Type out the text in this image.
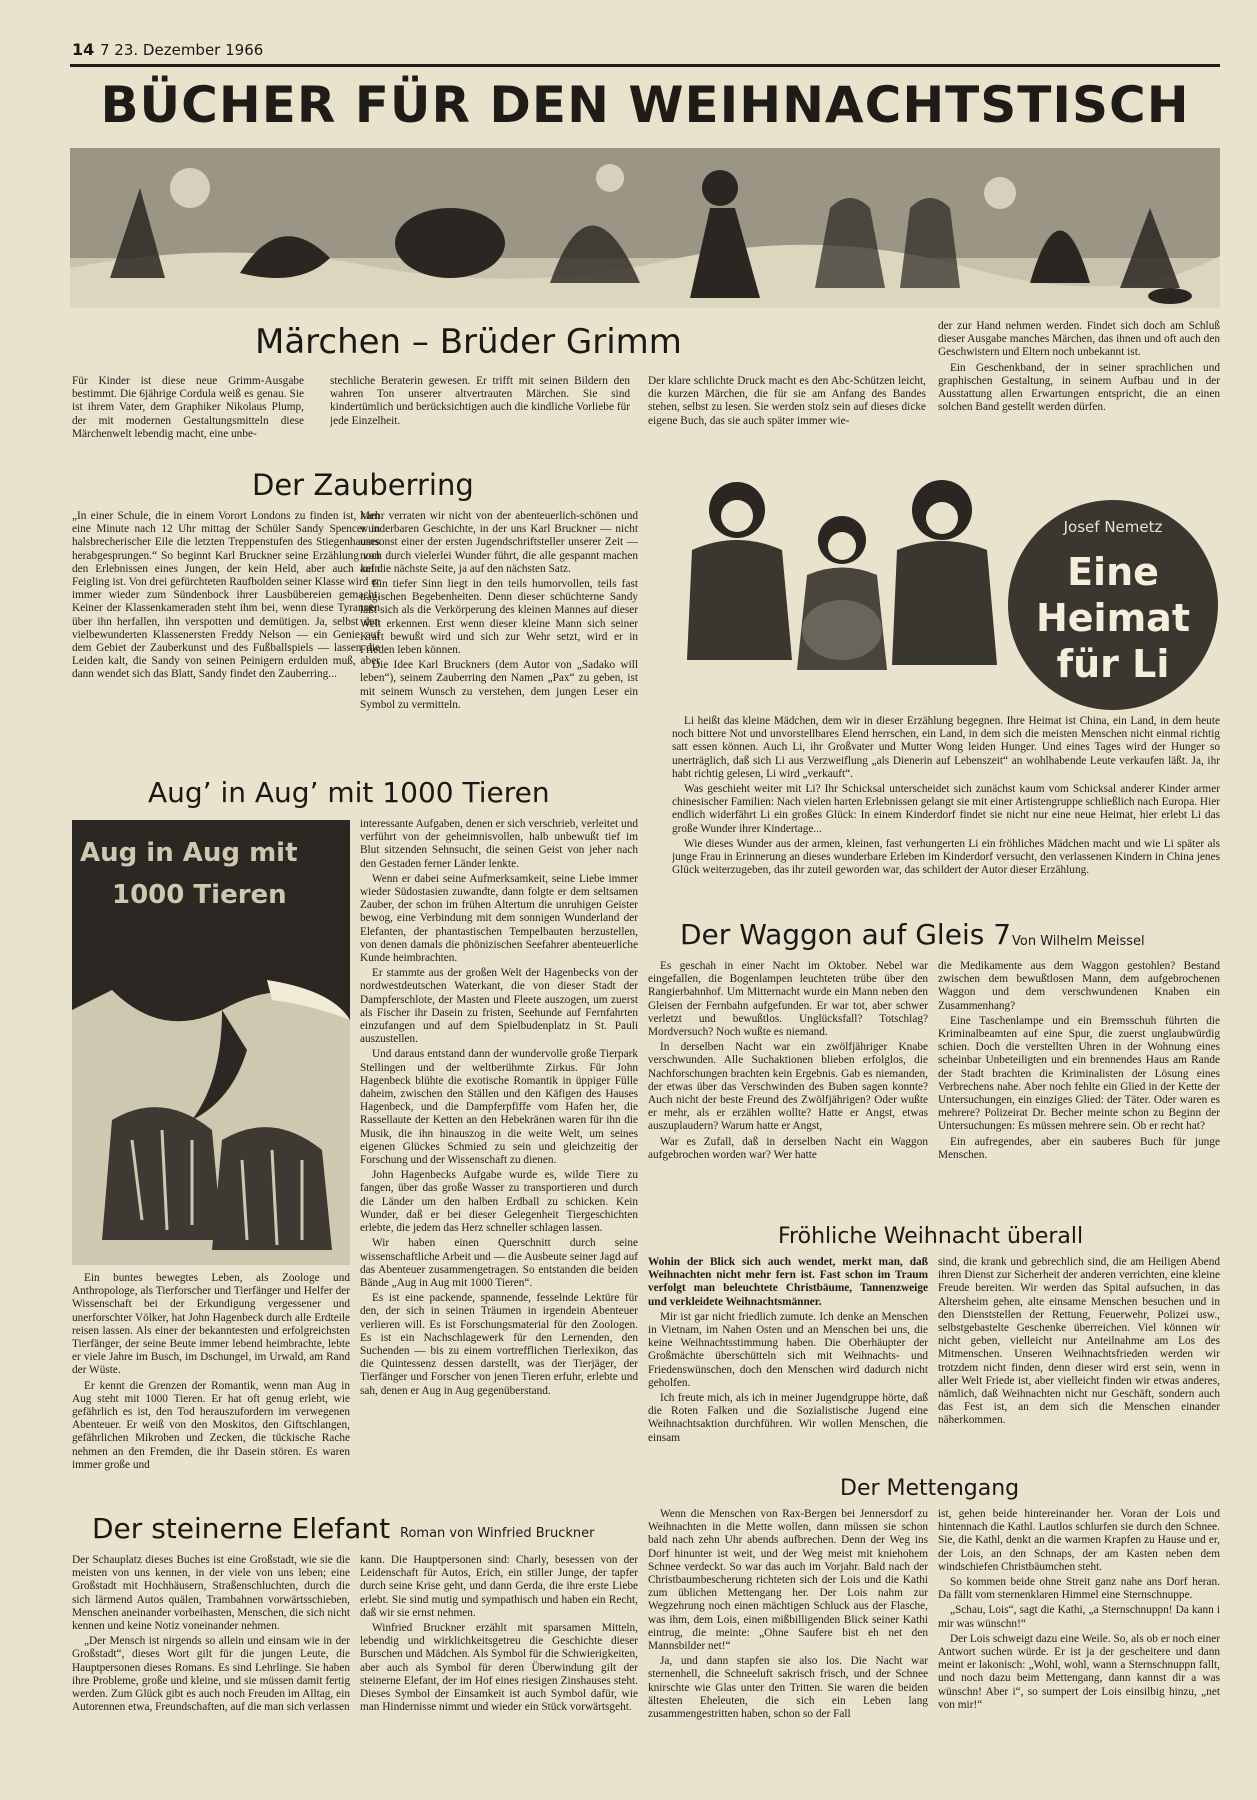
14 7 23. Dezember 1966
BÜCHER FÜR DEN WEIHNACHTSTISCH
Märchen – Brüder Grimm

Für Kinder ist diese neue Grimm-Ausgabe bestimmt. Die 6jährige Cordula weiß es genau. Sie ist ihrem Vater, dem Graphiker Nikolaus Plump, der mit modernen Gestaltungsmitteln diese Märchenwelt lebendig macht, eine unbe-

stechliche Beraterin gewesen. Er trifft mit seinen Bildern den wahren Ton unserer altvertrauten Märchen. Sie sind kindertümlich und berücksichtigen auch die kindliche Vorliebe für jede Einzelheit.

Der klare schlichte Druck macht es den Abc-Schützen leicht, die kurzen Märchen, die für sie am Anfang des Bandes stehen, selbst zu lesen. Sie werden stolz sein auf dieses dicke eigene Buch, das sie auch später immer wie-

der zur Hand nehmen werden. Findet sich doch am Schluß dieser Ausgabe manches Märchen, das ihnen und oft auch den Geschwistern und Eltern noch unbekannt ist.

Ein Geschenkband, der in seiner sprachlichen und graphischen Gestaltung, in seinem Aufbau und in der Ausstattung allen Erwartungen entspricht, die an einen solchen Band gestellt werden dürfen.

Der Zauberring

„In einer Schule, die in einem Vorort Londons zu finden ist, kam eine Minute nach 12 Uhr mittag der Schüler Sandy Spencer in halsbrecherischer Eile die letzten Treppenstufen des Stiegenhauses herabgesprungen.“ So beginnt Karl Bruckner seine Erzählung von den Erlebnissen eines Jungen, der kein Held, aber auch kein Feigling ist. Von drei gefürchteten Raufbolden seiner Klasse wird er immer wieder zum Sündenbock ihrer Lausbübereien gemacht. Keiner der Klassenkameraden steht ihm bei, wenn diese Tyrannen über ihn herfallen, ihn verspotten und demütigen. Ja, selbst den vielbewunderten Klassenersten Freddy Nelson — ein Genie auf dem Gebiet der Zauberkunst und des Fußballspiels — lassen die Leiden kalt, die Sandy von seinen Peinigern erdulden muß, aber dann wendet sich das Blatt, Sandy findet den Zauberring...

Mehr verraten wir nicht von der abenteuerlich-schönen und wunderbaren Geschichte, in der uns Karl Bruckner — nicht umsonst einer der ersten Jugendschriftsteller unserer Zeit — noch durch vielerlei Wunder führt, die alle gespannt machen auf die nächste Seite, ja auf den nächsten Satz.

Ein tiefer Sinn liegt in den teils humorvollen, teils fast tragischen Begebenheiten. Denn dieser schüchterne Sandy läßt sich als die Verkörperung des kleinen Mannes auf dieser Welt erkennen. Erst wenn dieser kleine Mann sich seiner Kraft bewußt wird und sich zur Wehr setzt, wird er in Frieden leben können.

Die Idee Karl Bruckners (dem Autor von „Sadako will leben“), seinem Zauberring den Namen „Pax“ zu geben, ist mit seinem Wunsch zu verstehen, dem jungen Leser ein Symbol zu vermitteln.

Josef Nemetz
Eine
Heimat
für Li

Li heißt das kleine Mädchen, dem wir in dieser Erzählung begegnen. Ihre Heimat ist China, ein Land, in dem heute noch bittere Not und unvorstellbares Elend herrschen, ein Land, in dem sich die meisten Menschen nicht einmal richtig satt essen können. Auch Li, ihr Großvater und Mutter Wong leiden Hunger. Und eines Tages wird der Hunger so unerträglich, daß sich Li aus Verzweiflung „als Dienerin auf Lebenszeit“ an wohlhabende Leute verkaufen läßt. Ja, ihr habt richtig gelesen, Li wird „verkauft“.

Was geschieht weiter mit Li? Ihr Schicksal unterscheidet sich zunächst kaum vom Schicksal anderer Kinder armer chinesischer Familien: Nach vielen harten Erlebnissen gelangt sie mit einer Artistengruppe schließlich nach Europa. Hier endlich widerfährt Li ein großes Glück: In einem Kinderdorf findet sie nicht nur eine neue Heimat, hier erlebt Li das große Wunder ihrer Kindertage...

Wie dieses Wunder aus der armen, kleinen, fast verhungerten Li ein fröhliches Mädchen macht und wie Li später als junge Frau in Erinnerung an dieses wunderbare Erleben im Kinderdorf versucht, den verlassenen Kindern in China jenes Glück weiterzugeben, das ihr zuteil geworden war, das schildert der Autor dieser Erzählung.

Aug’ in Aug’ mit 1000 Tieren
Aug in Aug mit
1000 Tieren

Ein buntes bewegtes Leben, als Zoologe und Anthropologe, als Tierforscher und Tierfänger und Helfer der Wissenschaft bei der Erkundigung vergessener und unerforschter Völker, hat John Hagenbeck durch alle Erdteile reisen lassen. Als einer der bekanntesten und erfolgreichsten Tierfänger, der seine Beute immer lebend heimbrachte, lebte er viele Jahre im Busch, im Dschungel, im Urwald, am Rand der Wüste.

Er kennt die Grenzen der Romantik, wenn man Aug in Aug steht mit 1000 Tieren. Er hat oft genug erlebt, wie gefährlich es ist, den Tod herauszufordern im verwegenen Abenteuer. Er weiß von den Moskitos, den Giftschlangen, gefährlichen Mikroben und Zecken, die tückische Rache nehmen an den Fremden, die ihr Dasein stören. Es waren immer große und

interessante Aufgaben, denen er sich verschrieb, verleitet und verführt von der geheimnisvollen, halb unbewußt tief im Blut sitzenden Sehnsucht, die seinen Geist von jeher nach den Gestaden ferner Länder lenkte.

Wenn er dabei seine Aufmerksamkeit, seine Liebe immer wieder Südostasien zuwandte, dann folgte er dem seltsamen Zauber, der schon im frühen Altertum die unruhigen Geister bewog, eine Verbindung mit dem sonnigen Wunderland der Elefanten, der phantastischen Tempelbauten herzustellen, von denen damals die phönizischen Seefahrer abenteuerliche Kunde heimbrachten.

Er stammte aus der großen Welt der Hagenbecks von der nordwestdeutschen Waterkant, die von dieser Stadt der Dampferschlote, der Masten und Fleete auszogen, um zuerst als Fischer ihr Dasein zu fristen, Seehunde auf Fernfahrten einzufangen und auf dem Spielbudenplatz in St. Pauli auszustellen.

Und daraus entstand dann der wundervolle große Tierpark Stellingen und der weltberühmte Zirkus. Für John Hagenbeck blühte die exotische Romantik in üppiger Fülle daheim, zwischen den Ställen und den Käfigen des Hauses Hagenbeck, und die Dampferpfiffe vom Hafen her, die Rassellaute der Ketten an den Hebekränen waren für ihn die Musik, die ihn hinauszog in die weite Welt, um seines eigenen Glückes Schmied zu sein und gleichzeitig der Forschung und der Wissenschaft zu dienen.

John Hagenbecks Aufgabe wurde es, wilde Tiere zu fangen, über das große Wasser zu transportieren und durch die Länder um den halben Erdball zu schicken. Kein Wunder, daß er bei dieser Gelegenheit Tiergeschichten erlebte, die jedem das Herz schneller schlagen lassen.

Wir haben einen Querschnitt durch seine wissenschaftliche Arbeit und — die Ausbeute seiner Jagd auf das Abenteuer zusammengetragen. So entstanden die beiden Bände „Aug in Aug mit 1000 Tieren“.

Es ist eine packende, spannende, fesselnde Lektüre für den, der sich in seinen Träumen in irgendein Abenteuer verlieren will. Es ist Forschungsmaterial für den Zoologen. Es ist ein Nachschlagewerk für den Lernenden, den Suchenden — bis zu einem vortrefflichen Tierlexikon, das die Quintessenz dessen darstellt, was der Tierjäger, der Tierfänger und Forscher von jenen Tieren erfuhr, erlebte und sah, denen er Aug in Aug gegenüberstand.

Der Waggon auf Gleis 7 Von Wilhelm Meissel

Es geschah in einer Nacht im Oktober. Nebel war eingefallen, die Bogenlampen leuchteten trübe über den Rangierbahnhof. Um Mitternacht wurde ein Mann neben den Gleisen der Fernbahn aufgefunden. Er war tot, aber schwer verletzt und bewußtlos. Unglücksfall? Totschlag? Mordversuch? Noch wußte es niemand.

In derselben Nacht war ein zwölfjähriger Knabe verschwunden. Alle Suchaktionen blieben erfolglos, die Nachforschungen brachten kein Ergebnis. Gab es niemanden, der etwas über das Verschwinden des Buben sagen konnte? Auch nicht der beste Freund des Zwölfjährigen? Oder wußte er mehr, als er erzählen wollte? Hatte er Angst, etwas auszuplaudern? Warum hatte er Angst,

War es Zufall, daß in derselben Nacht ein Waggon aufgebrochen worden war? Wer hatte

die Medikamente aus dem Waggon gestohlen? Bestand zwischen dem bewußtlosen Mann, dem aufgebrochenen Waggon und dem verschwundenen Knaben ein Zusammenhang?

Eine Taschenlampe und ein Bremsschuh führten die Kriminalbeamten auf eine Spur, die zuerst unglaubwürdig schien. Doch die verstellten Uhren in der Wohnung eines scheinbar Unbeteiligten und ein brennendes Haus am Rande der Stadt brachten die Kriminalisten der Lösung eines Verbrechens nahe. Aber noch fehlte ein Glied in der Kette der Untersuchungen, ein einziges Glied: der Täter. Oder waren es mehrere? Polizeirat Dr. Becher meinte schon zu Beginn der Untersuchungen: Es müssen mehrere sein. Ob er recht hat?

Ein aufregendes, aber ein sauberes Buch für junge Menschen.

Fröhliche Weihnacht überall

Wohin der Blick sich auch wendet, merkt man, daß Weihnachten nicht mehr fern ist. Fast schon im Traum verfolgt man beleuchtete Christbäume, Tannenzweige und verkleidete Weihnachtsmänner.

Mir ist gar nicht friedlich zumute. Ich denke an Menschen in Vietnam, im Nahen Osten und an Menschen bei uns, die keine Weihnachtsstimmung haben. Die Oberhäupter der Großmächte überschütteln sich mit Weihnachts- und Friedenswünschen, doch den Menschen wird dadurch nicht geholfen.

Ich freute mich, als ich in meiner Jugendgruppe hörte, daß die Roten Falken und die Sozialistische Jugend eine Weihnachtsaktion durchführen. Wir wollen Menschen, die einsam

sind, die krank und gebrechlich sind, die am Heiligen Abend ihren Dienst zur Sicherheit der anderen verrichten, eine kleine Freude bereiten. Wir werden das Spital aufsuchen, in das Altersheim gehen, alte einsame Menschen besuchen und in den Dienststellen der Rettung, Feuerwehr, Polizei usw., selbstgebastelte Geschenke überreichen. Viel können wir nicht geben, vielleicht nur Anteilnahme am Los des Mitmenschen. Unseren Weihnachtsfrieden werden wir trotzdem nicht finden, denn dieser wird erst sein, wenn in aller Welt Friede ist, aber vielleicht finden wir etwas anderes, nämlich, daß Weihnachten nicht nur Geschäft, sondern auch das Fest ist, an dem sich die Menschen einander näherkommen.

Der Mettengang

Wenn die Menschen von Rax-Bergen bei Jennersdorf zu Weihnachten in die Mette wollen, dann müssen sie schon bald nach zehn Uhr abends aufbrechen. Denn der Weg ins Dorf hinunter ist weit, und der Weg meist mit kniehohem Schnee verdeckt. So war das auch im Vorjahr. Bald nach der Christbaumbescherung richteten sich der Lois und die Kathi zum üblichen Mettengang her. Der Lois nahm zur Wegzehrung noch einen mächtigen Schluck aus der Flasche, was ihm, dem Lois, einen mißbilligenden Blick seiner Kathi eintrug, die meinte: „Ohne Saufere bist eh net den Mannsbilder net!“

Ja, und dann stapfen sie also los. Die Nacht war sternenhell, die Schneeluft sakrisch frisch, und der Schnee knirschte wie Glas unter den Tritten. Sie waren die beiden ältesten Eheleuten, die sich ein Leben lang zusammengestritten haben, schon so der Fall

ist, gehen beide hintereinander her. Voran der Lois und hintennach die Kathl. Lautlos schlurfen sie durch den Schnee. Sie, die Kathl, denkt an die warmen Krapfen zu Hause und er, der Lois, an den Schnaps, der am Kasten neben dem windschiefen Christbäumchen steht.

So kommen beide ohne Streit ganz nahe ans Dorf heran. Da fällt vom sternenklaren Himmel eine Sternschnuppe.

„Schau, Lois“, sagt die Kathi, „a Sternschnuppn! Da kann i mir was wünschn!“

Der Lois schweigt dazu eine Weile. So, als ob er noch einer Antwort suchen würde. Er ist ja der gescheitere und dann meint er lakonisch: „Wohl, wohl, wann a Sternschnuppn fallt, und noch dazu beim Mettengang, dann kannst dir a was wünschn! Aber i“, so sumpert der Lois einsilbig hinzu, „net von mir!“

Der steinerne Elefant Roman von Winfried Bruckner

Der Schauplatz dieses Buches ist eine Großstadt, wie sie die meisten von uns kennen, in der viele von uns leben; eine Großstadt mit Hochhäusern, Straßenschluchten, durch die sich lärmend Autos quälen, Trambahnen vorwärtsschieben, Menschen aneinander vorbeihasten, Menschen, die sich nicht kennen und keine Notiz voneinander nehmen.

„Der Mensch ist nirgends so allein und einsam wie in der Großstadt“, dieses Wort gilt für die jungen Leute, die Hauptpersonen dieses Romans. Es sind Lehrlinge. Sie haben ihre Probleme, große und kleine, und sie müssen damit fertig werden. Zum Glück gibt es auch noch Freuden im Alltag, ein Autorennen etwa, Freundschaften, auf die man sich verlassen

kann. Die Hauptpersonen sind: Charly, besessen von der Leidenschaft für Autos, Erich, ein stiller Junge, der tapfer durch seine Krise geht, und dann Gerda, die ihre erste Liebe erlebt. Sie sind mutig und sympathisch und haben ein Recht, daß wir sie ernst nehmen.

Winfried Bruckner erzählt mit sparsamen Mitteln, lebendig und wirklichkeitsgetreu die Geschichte dieser Burschen und Mädchen. Als Symbol für die Schwierigkeiten, aber auch als Symbol für deren Überwindung gilt der steinerne Elefant, der im Hof eines riesigen Zinshauses steht. Dieses Symbol der Einsamkeit ist auch Symbol dafür, wie man Hindernisse nimmt und wieder ein Stück vorwärtsgeht.
